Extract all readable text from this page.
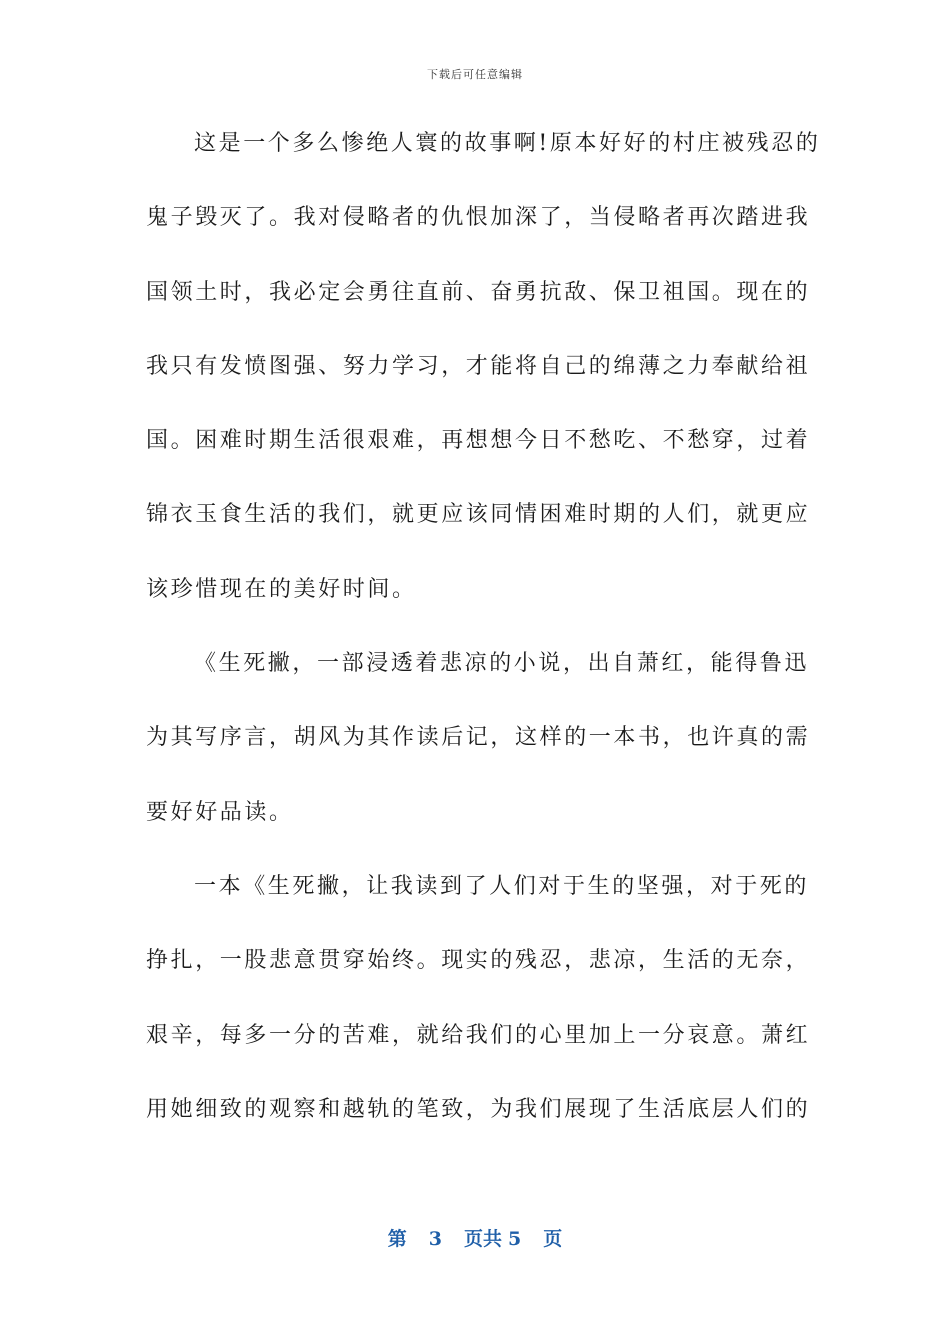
下载后可任意编辑
这是一个多么惨绝人寰的故事啊!原本好好的村庄被残忍的
鬼子毁灭了。我对侵略者的仇恨加深了，当侵略者再次踏进我
国领土时，我必定会勇往直前、奋勇抗敌、保卫祖国。现在的
我只有发愤图强、努力学习，才能将自己的绵薄之力奉献给祖
国。困难时期生活很艰难，再想想今日不愁吃、不愁穿，过着
锦衣玉食生活的我们，就更应该同情困难时期的人们，就更应
该珍惜现在的美好时间。
《生死撇，一部浸透着悲凉的小说，出自萧红，能得鲁迅
为其写序言，胡风为其作读后记，这样的一本书，也许真的需
要好好品读。
一本《生死撇，让我读到了人们对于生的坚强，对于死的
挣扎，一股悲意贯穿始终。现实的残忍，悲凉，生活的无奈，
艰辛，每多一分的苦难，就给我们的心里加上一分哀意。萧红
用她细致的观察和越轨的笔致，为我们展现了生活底层人们的
第 3 页共 5 页
